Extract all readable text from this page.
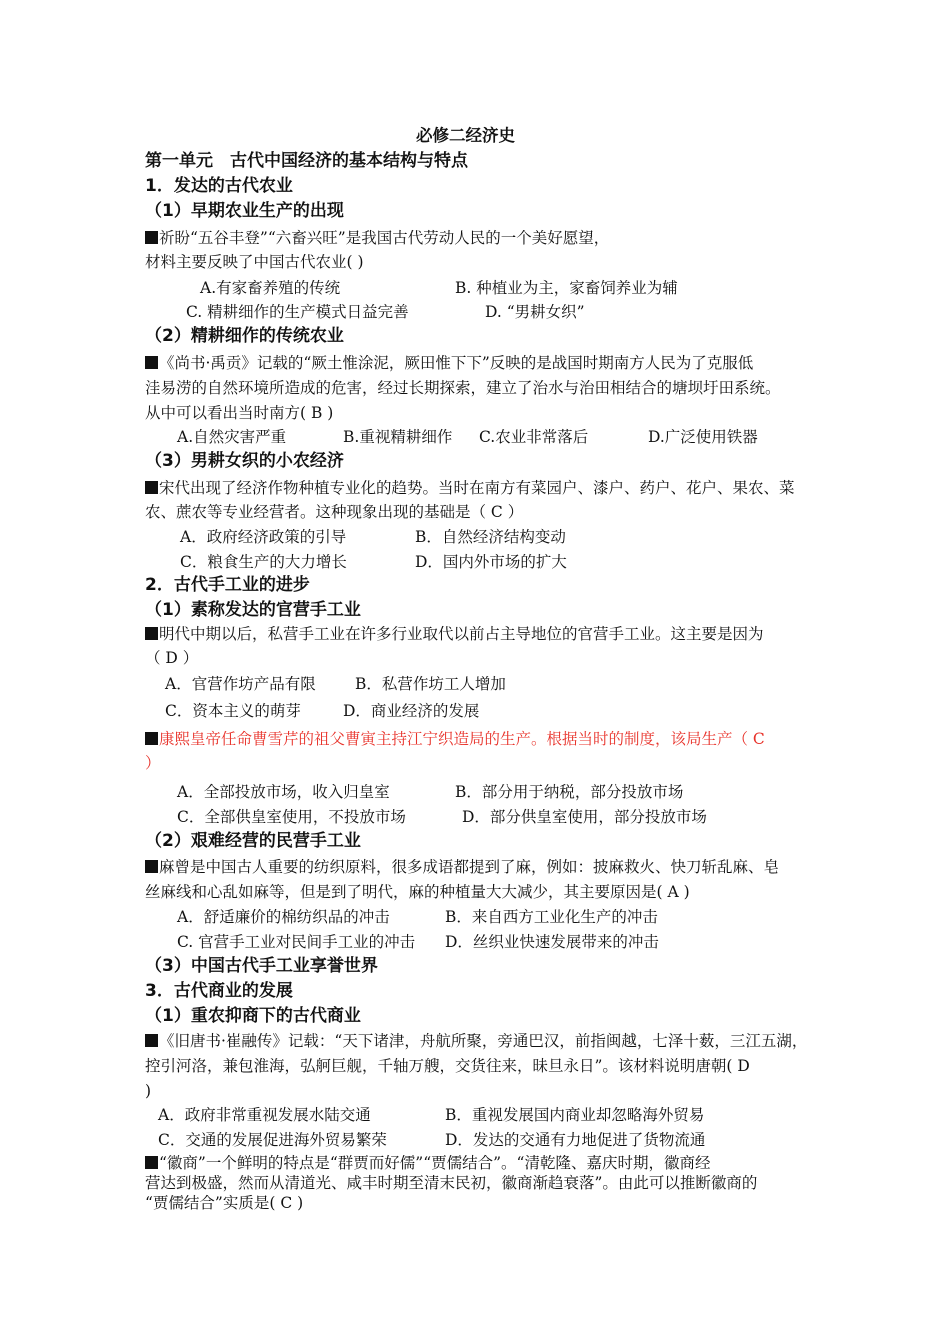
必修二经济史
第一单元　古代中国经济的基本结构与特点
1．发达的古代农业
（1）早期农业生产的出现
祈盼“五谷丰登”“六畜兴旺”是我国古代劳动人民的一个美好愿望，
材料主要反映了中国古代农业( )
A.有家畜养殖的传统	B. 种植业为主，家畜饲养业为辅
C. 精耕细作的生产模式日益完善	D. “男耕女织”
（2）精耕细作的传统农业
《尚书·禹贡》记载的“厥土惟涂泥，厥田惟下下”反映的是战国时期南方人民为了克服低
洼易涝的自然环境所造成的危害，经过长期探索，建立了治水与治田相结合的塘坝圩田系统。
从中可以看出当时南方( B )
A.自然灾害严重	B.重视精耕细作 C.农业非常落后	D.广泛使用铁器
（3）男耕女织的小农经济
宋代出现了经济作物种植专业化的趋势。当时在南方有菜园户、漆户、药户、花户、果农、菜
农、蔗农等专业经营者。这种现象出现的基础是（ C ）
A．政府经济政策的引导	B．自然经济结构变动
C．粮食生产的大力增长	D．国内外市场的扩大
2．古代手工业的进步
（1）素称发达的官营手工业
明代中期以后，私营手工业在许多行业取代以前占主导地位的官营手工业。这主要是因为
（ D ）
A．官营作坊产品有限	B．私营作坊工人增加
C．资本主义的萌芽	D．商业经济的发展
康熙皇帝任命曹雪芹的祖父曹寅主持江宁织造局的生产。根据当时的制度，该局生产（ C
）
A．全部投放市场，收入归皇室	B．部分用于纳税，部分投放市场
C．全部供皇室使用，不投放市场	D．部分供皇室使用，部分投放市场
（2）艰难经营的民营手工业
麻曾是中国古人重要的纺织原料，很多成语都提到了麻，例如：披麻救火、快刀斩乱麻、皂
丝麻线和心乱如麻等，但是到了明代，麻的种植量大大减少，其主要原因是( A )
A．舒适廉价的棉纺织品的冲击	B．来自西方工业化生产的冲击
C. 官营手工业对民间手工业的冲击 D．丝织业快速发展带来的冲击
（3）中国古代手工业享誉世界
3．古代商业的发展
（1）重农抑商下的古代商业
《旧唐书·崔融传》记载：“天下诸津，舟航所聚，旁通巴汉，前指闽越，七泽十薮，三江五湖，
控引河洛，兼包淮海，弘舸巨舰，千轴万艘，交货往来，昧旦永日”。该材料说明唐朝( D
)
A．政府非常重视发展水陆交通	B．重视发展国内商业却忽略海外贸易
C．交通的发展促进海外贸易繁荣	D．发达的交通有力地促进了货物流通
“徽商”一个鲜明的特点是“群贾而好儒”“贾儒结合”。“清乾隆、嘉庆时期，徽商经
营达到极盛，然而从清道光、咸丰时期至清末民初，徽商渐趋衰落”。由此可以推断徽商的
“贾儒结合”实质是( C )
